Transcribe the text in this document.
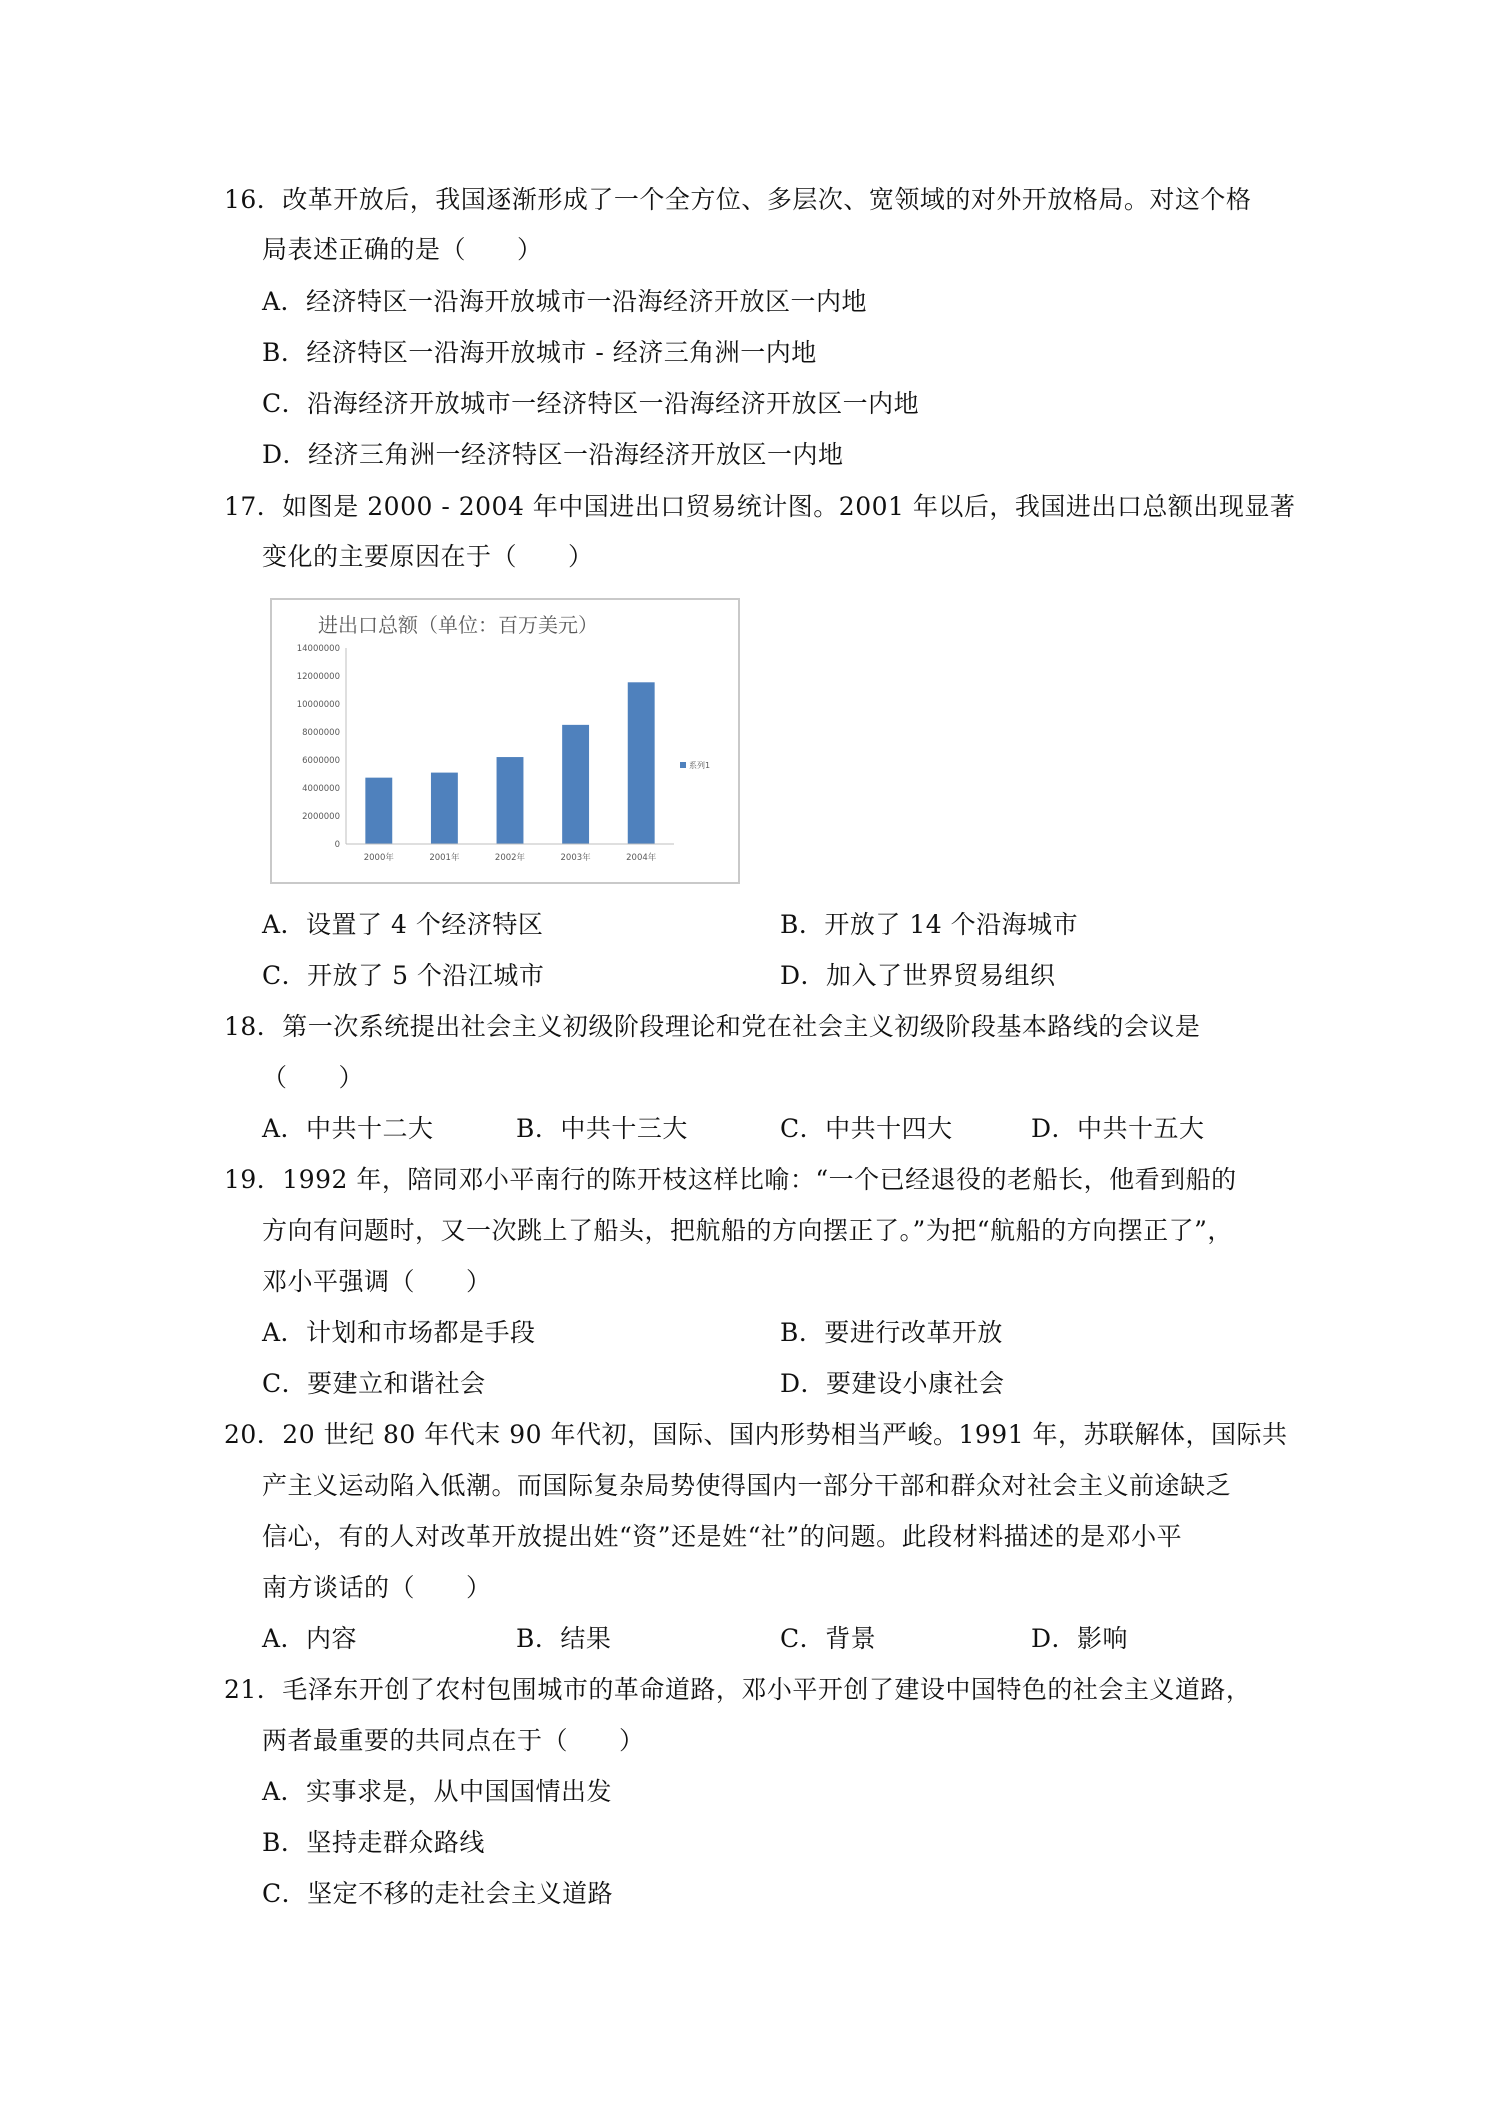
16．改革开放后，我国逐渐形成了一个全方位、多层次、宽领域的对外开放格局。对这个格
局表述正确的是（　　）
A．经济特区一沿海开放城市一沿海经济开放区一内地
B．经济特区一沿海开放城市 - 经济三角洲一内地
C．沿海经济开放城市一经济特区一沿海经济开放区一内地
D．经济三角洲一经济特区一沿海经济开放区一内地
17．如图是 2000 - 2004 年中国进出口贸易统计图。2001 年以后，我国进出口总额出现显著
变化的主要原因在于（　　）
进出口总额（单位：百万美元）
0
2000000
4000000
6000000
8000000
10000000
12000000
14000000
2000年	2001年	2002年	2003年	2004年
系列1
A．设置了 4 个经济特区	B．开放了 14 个沿海城市
C．开放了 5 个沿江城市	D．加入了世界贸易组织
18．第一次系统提出社会主义初级阶段理论和党在社会主义初级阶段基本路线的会议是
（　　）
A．中共十二大	B．中共十三大	C．中共十四大	D．中共十五大
19．1992 年，陪同邓小平南行的陈开枝这样比喻：“一个已经退役的老船长，他看到船的
方向有问题时，又一次跳上了船头，把航船的方向摆正了。”为把“航船的方向摆正了”，
邓小平强调（　　）
A．计划和市场都是手段	B．要进行改革开放
C．要建立和谐社会	D．要建设小康社会
20．20 世纪 80 年代末 90 年代初，国际、国内形势相当严峻。1991 年，苏联解体，国际共
产主义运动陷入低潮。而国际复杂局势使得国内一部分干部和群众对社会主义前途缺乏
信心，有的人对改革开放提出姓“资”还是姓“社”的问题。此段材料描述的是邓小平
南方谈话的（　　）
A．内容	B．结果	C．背景	D．影响
21．毛泽东开创了农村包围城市的革命道路，邓小平开创了建设中国特色的社会主义道路，
两者最重要的共同点在于（　　）
A．实事求是，从中国国情出发
B．坚持走群众路线
C．坚定不移的走社会主义道路
